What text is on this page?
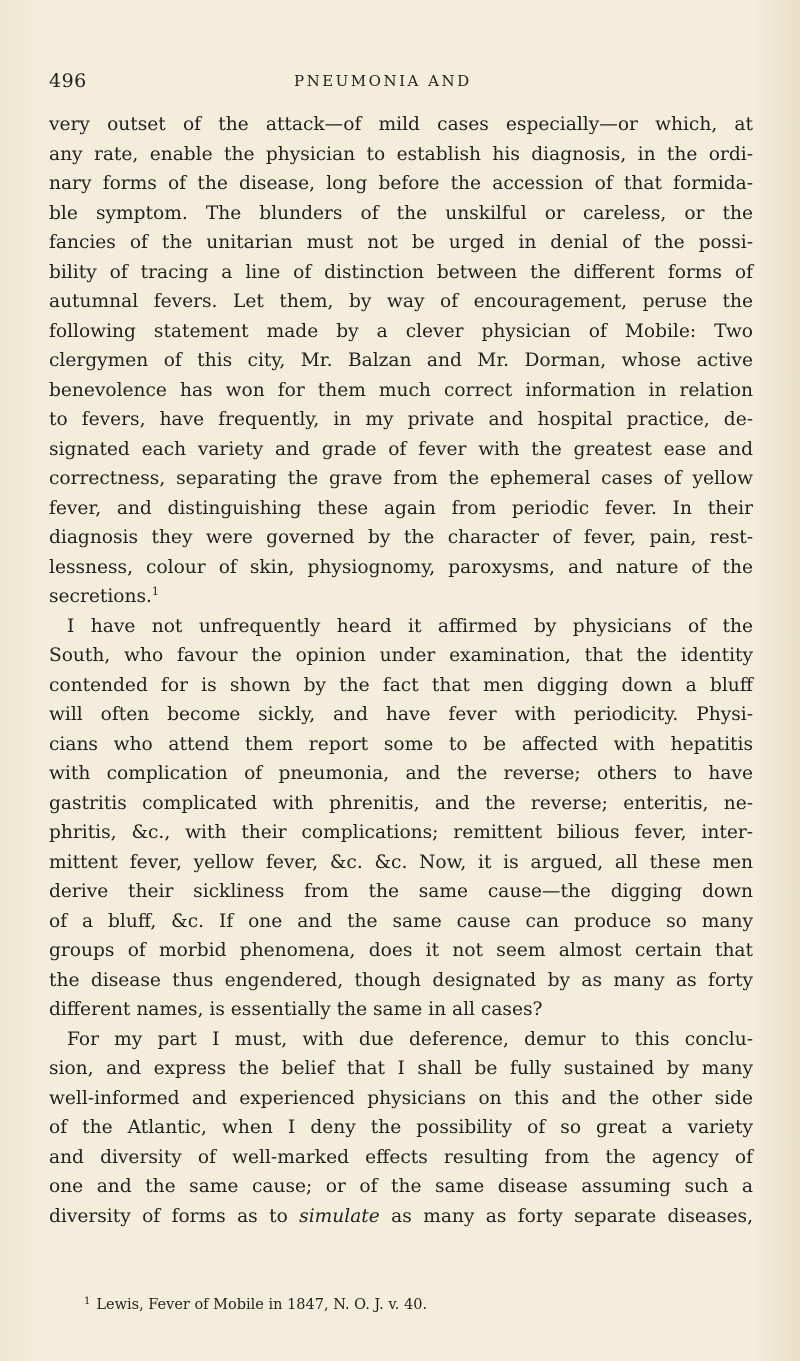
496	PNEUMONIA AND
very outset of the attack—of mild cases especially—or which, at
any rate, enable the physician to establish his diagnosis, in the ordi-
nary forms of the disease, long before the accession of that formida-
ble symptom. The blunders of the unskilful or careless, or the
fancies of the unitarian must not be urged in denial of the possi-
bility of tracing a line of distinction between the different forms of
autumnal fevers. Let them, by way of encouragement, peruse the
following statement made by a clever physician of Mobile: Two
clergymen of this city, Mr. Balzan and Mr. Dorman, whose active
benevolence has won for them much correct information in relation
to fevers, have frequently, in my private and hospital practice, de-
signated each variety and grade of fever with the greatest ease and
correctness, separating the grave from the ephemeral cases of yellow
fever, and distinguishing these again from periodic fever. In their
diagnosis they were governed by the character of fever, pain, rest-
lessness, colour of skin, physiognomy, paroxysms, and nature of the
secretions.$^1$
I have not unfrequently heard it affirmed by physicians of the
South, who favour the opinion under examination, that the identity
contended for is shown by the fact that men digging down a bluff
will often become sickly, and have fever with periodicity. Physi-
cians who attend them report some to be affected with hepatitis
with complication of pneumonia, and the reverse; others to have
gastritis complicated with phrenitis, and the reverse; enteritis, ne-
phritis, &c., with their complications; remittent bilious fever, inter-
mittent fever, yellow fever, &c. &c. Now, it is argued, all these men
derive their sickliness from the same cause—the digging down
of a bluff, &c. If one and the same cause can produce so many
groups of morbid phenomena, does it not seem almost certain that
the disease thus engendered, though designated by as many as forty
different names, is essentially the same in all cases?
For my part I must, with due deference, demur to this conclu-
sion, and express the belief that I shall be fully sustained by many
well-informed and experienced physicians on this and the other side
of the Atlantic, when I deny the possibility of so great a variety
and diversity of well-marked effects resulting from the agency of
one and the same cause; or of the same disease assuming such a
diversity of forms as to simulate as many as forty separate diseases,
$^1$ Lewis, Fever of Mobile in 1847, N. O. J. v. 40.
